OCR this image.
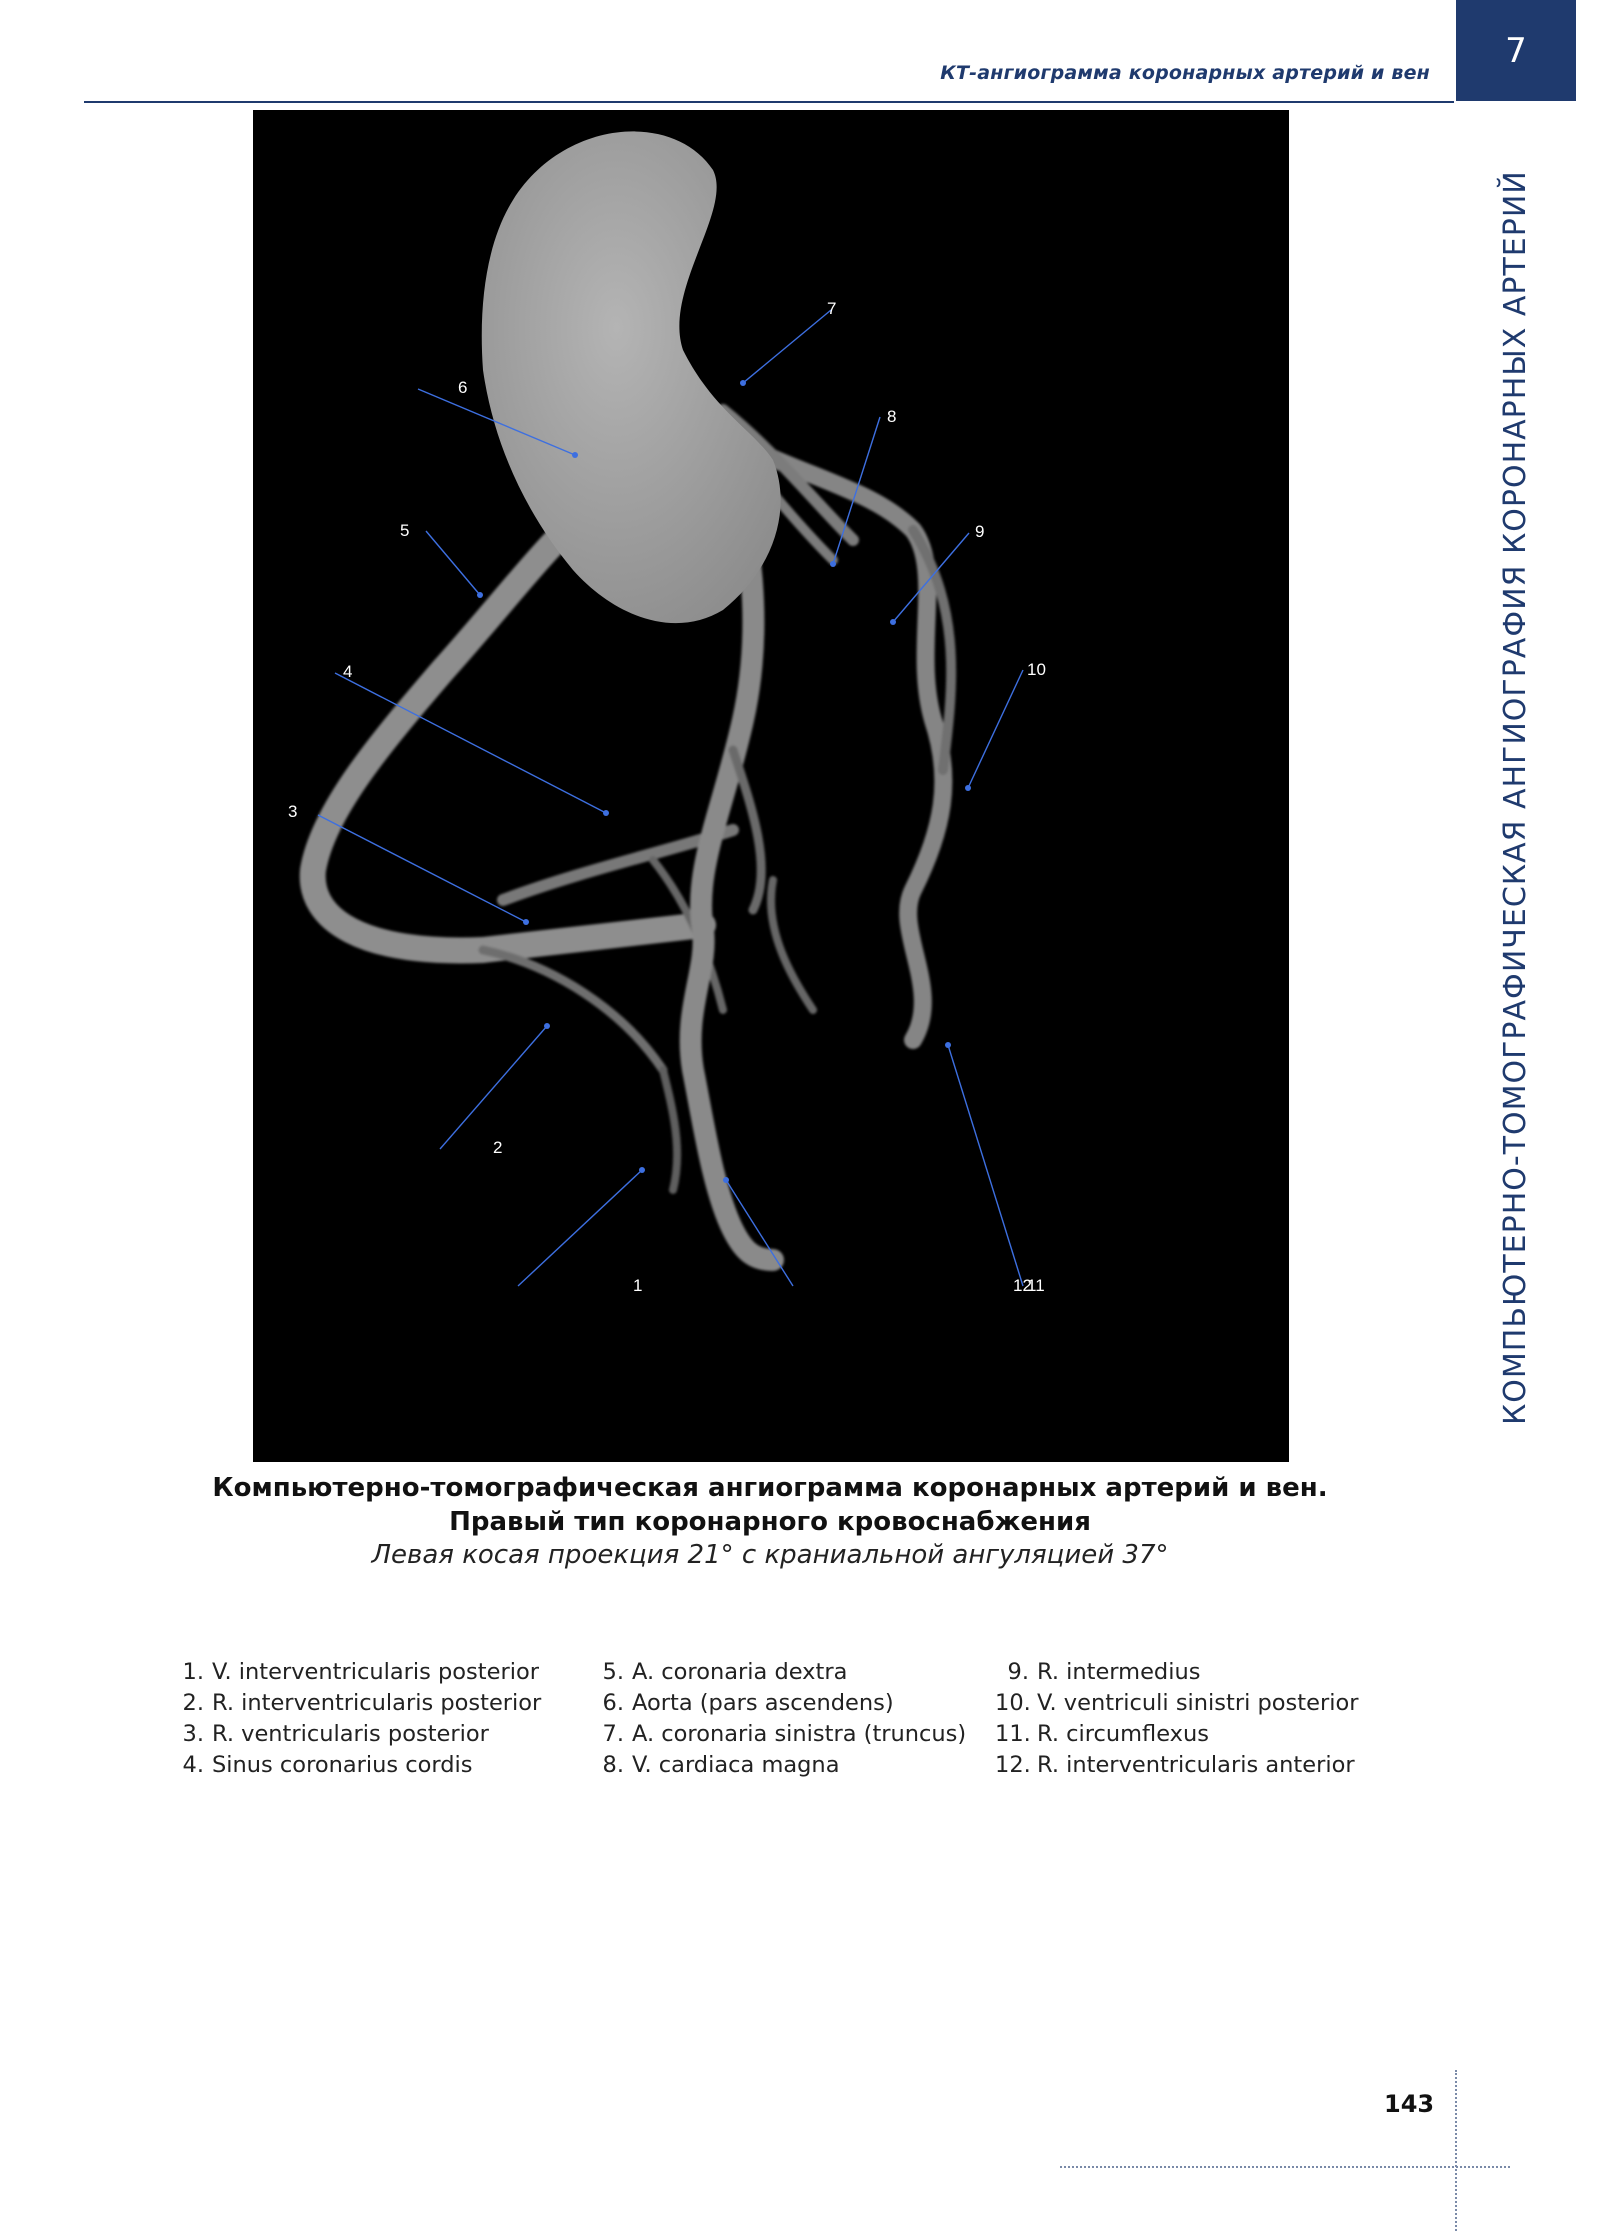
КТ-ангиограмма коронарных артерий и вен
7
КОМПЬЮТЕРНО-ТОМОГРАФИЧЕСКАЯ АНГИОГРАФИЯ КОРОНАРНЫХ АРТЕРИЙ
1
2
3
4
5
6
7
8
9
10
11
12
Компьютерно-томографическая ангиограмма коронарных артерий и вен.
Правый тип коронарного кровоснабжения
Левая косая проекция 21° с краниальной ангуляцией 37°
1. V. interventricularis posterior
2. R. interventricularis posterior
3. R. ventricularis posterior
4. Sinus coronarius cordis
5. A. coronaria dextra
6. Aorta (pars ascendens)
7. A. coronaria sinistra (truncus)
8. V. cardiaca magna
9. R. intermedius
10. V. ventriculi sinistri posterior
11. R. circumflexus
12. R. interventricularis anterior
143
